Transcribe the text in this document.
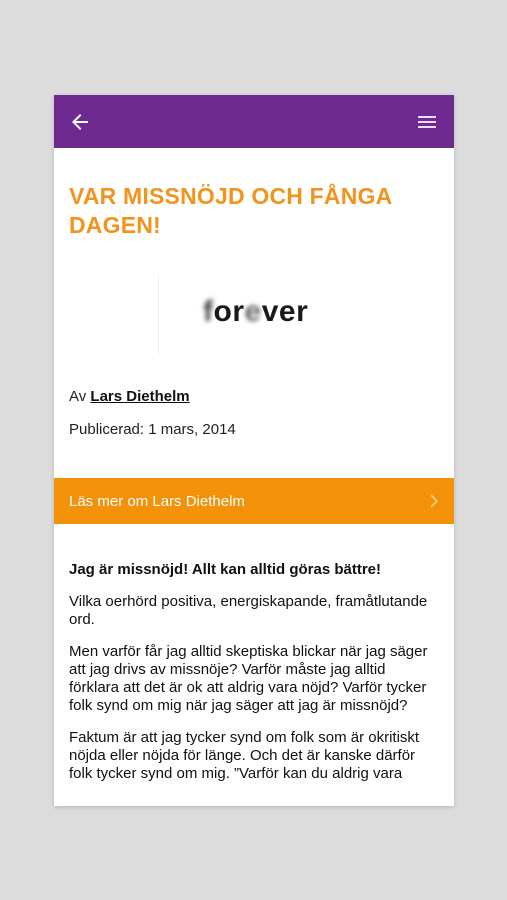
VAR MISSNÖJD OCH FÅNGA DAGEN!
forever
Av Lars Diethelm
Publicerad: 1 mars, 2014
Läs mer om Lars Diethelm

Jag är missnöjd! Allt kan alltid göras bättre!

Vilka oerhörd positiva, energiskapande, framåtlutande ord.

Men varför får jag alltid skeptiska blickar när jag säger att jag drivs av missnöje? Varför måste jag alltid förklara att det är ok att aldrig vara nöjd? Varför tycker folk synd om mig när jag säger att jag är missnöjd?

Faktum är att jag tycker synd om folk som är okritiskt nöjda eller nöjda för länge. Och det är kanske därför folk tycker synd om mig. ”Varför kan du aldrig vara
